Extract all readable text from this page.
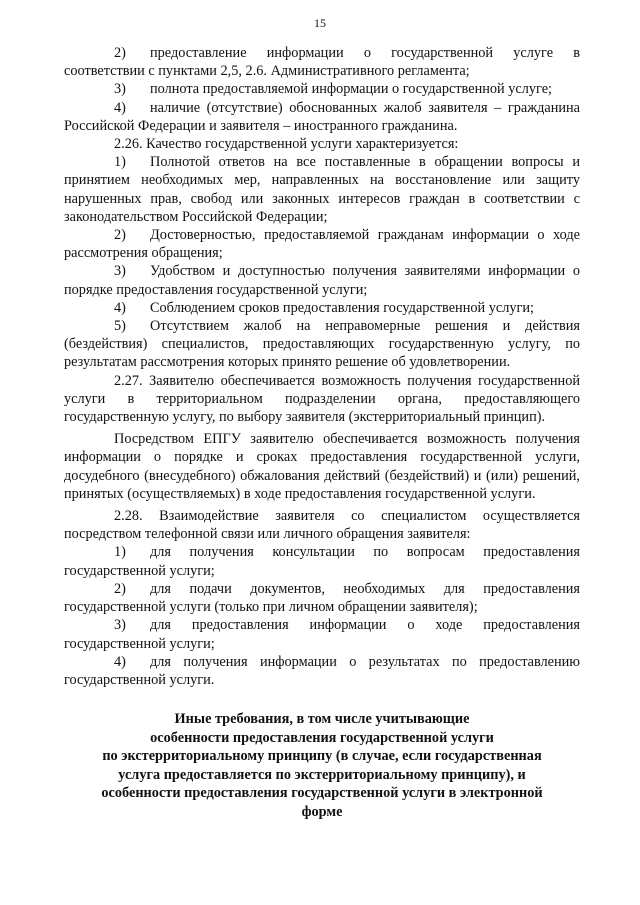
15

2) предоставление информации о государственной услуге в соответствии с пунктами 2,5, 2.6. Административного регламента;

3) полнота предоставляемой информации о государственной услуге;

4) наличие (отсутствие) обоснованных жалоб заявителя – гражданина Российской Федерации и заявителя – иностранного гражданина.

2.26. Качество государственной услуги характеризуется:

1) Полнотой ответов на все поставленные в обращении вопросы и принятием необходимых мер, направленных на восстановление или защиту нарушенных прав, свобод или законных интересов граждан в соответствии с законодательством Российской Федерации;

2) Достоверностью, предоставляемой гражданам информации о ходе рассмотрения обращения;

3) Удобством и доступностью получения заявителями информации о порядке предоставления государственной услуги;

4) Соблюдением сроков предоставления государственной услуги;

5) Отсутствием жалоб на неправомерные решения и действия (бездействия) специалистов, предоставляющих государственную услугу, по результатам рассмотрения которых принято решение об удовлетворении.

2.27. Заявителю обеспечивается возможность получения государственной услуги в территориальном подразделении органа, предоставляющего государственную услугу, по выбору заявителя (экстерриториальный принцип).

Посредством ЕПГУ заявителю обеспечивается возможность получения информации о порядке и сроках предоставления государственной услуги, досудебного (внесудебного) обжалования действий (бездействий) и (или) решений, принятых (осуществляемых) в ходе предоставления государственной услуги.

2.28. Взаимодействие заявителя со специалистом осуществляется посредством телефонной связи или личного обращения заявителя:

1) для получения консультации по вопросам предоставления государственной услуги;

2) для подачи документов, необходимых для предоставления государственной услуги (только при личном обращении заявителя);

3) для предоставления информации о ходе предоставления государственной услуги;

4) для получения информации о результатах по предоставлению государственной услуги.

Иные требования, в том числе учитывающие

особенности предоставления государственной услуги

по экстерриториальному принципу (в случае, если государственная

услуга предоставляется по экстерриториальному принципу), и

особенности предоставления государственной услуги в электронной

форме
